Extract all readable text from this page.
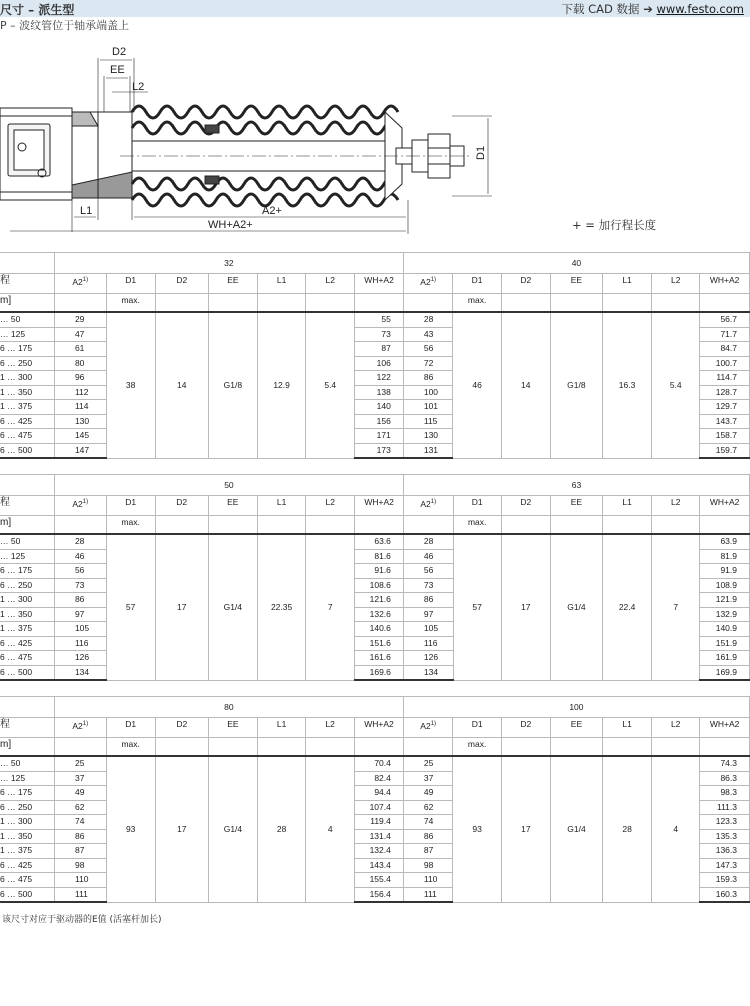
尺寸 – 派生型	下载 CAD 数据 ➔ www.festo.com
P – 波纹管位于轴承端盖上
D2
EE
L2
D1
L1	A2+
WH+A2+	+ = 加行程长度
	32							40						
程	A2$^{1)}$	D1	D2	EE	L1	L2	WH+A2	A2$^{1)}$	D1	D2	EE	L1	L2	WH+A2
m]		max.							max.					
… 50	29	38	14	G1/8	12.9	5.4	55	28	46	14	G1/8	16.3	5.4	56.7
… 125	47						73	43						71.7
6 … 175	61						87	56						84.7
6 … 250	80						106	72						100.7
1 … 300	96						122	86						114.7
1 … 350	112						138	100						128.7
1 … 375	114						140	101						129.7
6 … 425	130						156	115						143.7
6 … 475	145						171	130						158.7
6 … 500	147						173	131						159.7
	50							63						
程	A2$^{1)}$	D1	D2	EE	L1	L2	WH+A2	A2$^{1)}$	D1	D2	EE	L1	L2	WH+A2
m]		max.							max.					
… 50	28	57	17	G1/4	22.35	7	63.6	28	57	17	G1/4	22.4	7	63.9
… 125	46						81.6	46						81.9
6 … 175	56						91.6	56						91.9
6 … 250	73						108.6	73						108.9
1 … 300	86						121.6	86						121.9
1 … 350	97						132.6	97						132.9
1 … 375	105						140.6	105						140.9
6 … 425	116						151.6	116						151.9
6 … 475	126						161.6	126						161.9
6 … 500	134						169.6	134						169.9
	80							100						
程	A2$^{1)}$	D1	D2	EE	L1	L2	WH+A2	A2$^{1)}$	D1	D2	EE	L1	L2	WH+A2
m]		max.							max.					
… 50	25	93	17	G1/4	28	4	70.4	25	93	17	G1/4	28	4	74.3
… 125	37						82.4	37						86.3
6 … 175	49						94.4	49						98.3
6 … 250	62						107.4	62						111.3
1 … 300	74						119.4	74						123.3
1 … 350	86						131.4	86						135.3
1 … 375	87						132.4	87						136.3
6 … 425	98						143.4	98						147.3
6 … 475	110						155.4	110						159.3
6 … 500	111						156.4	111						160.3
该尺寸对应于驱动器的E值 (活塞杆加长)
